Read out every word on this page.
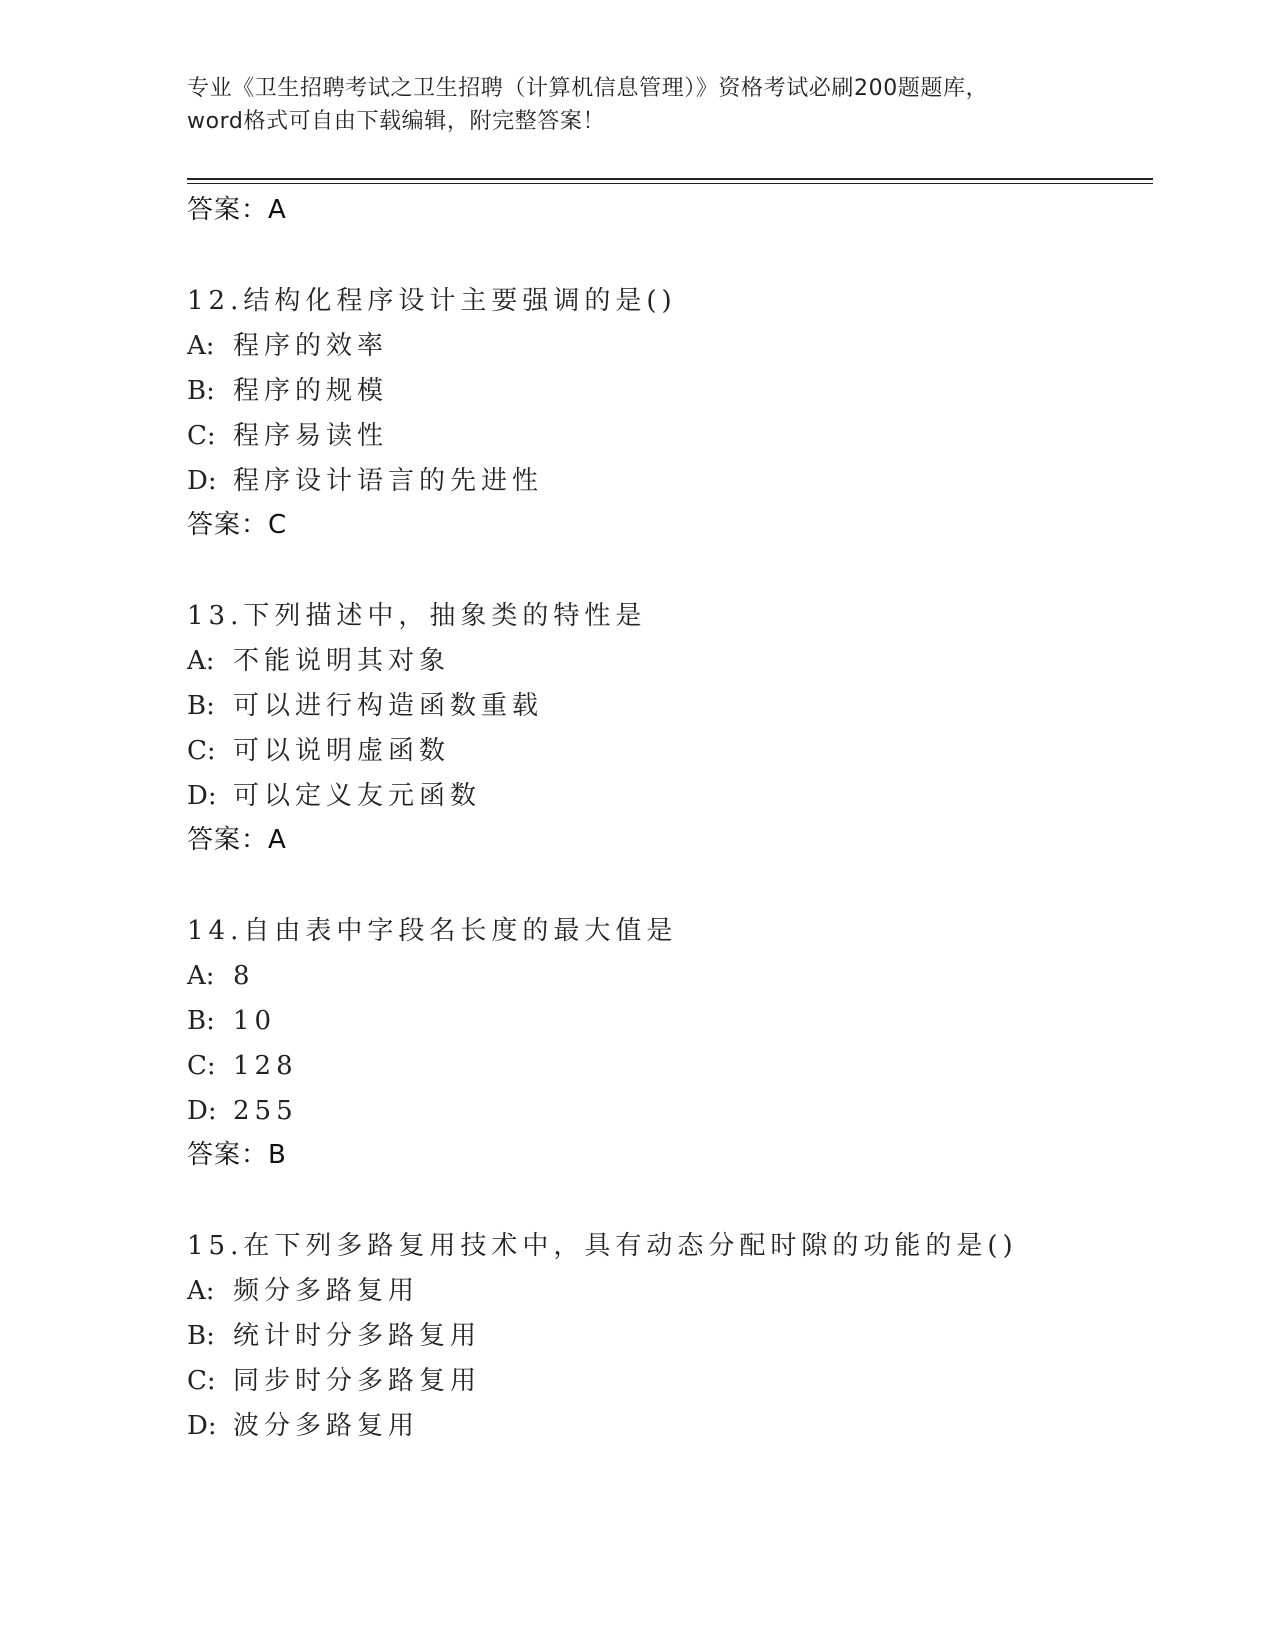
专业《卫生招聘考试之卫生招聘（计算机信息管理）》资格考试必刷200题题库，
word格式可自由下载编辑，附完整答案！
答案：A
12.结构化程序设计主要强调的是()
A: 程序的效率
B: 程序的规模
C: 程序易读性
D: 程序设计语言的先进性
答案：C
13.下列描述中，抽象类的特性是
A: 不能说明其对象
B: 可以进行构造函数重载
C: 可以说明虚函数
D: 可以定义友元函数
答案：A
14.自由表中字段名长度的最大值是
A: 8
B: 10
C: 128
D: 255
答案：B
15.在下列多路复用技术中，具有动态分配时隙的功能的是()
A: 频分多路复用
B: 统计时分多路复用
C: 同步时分多路复用
D: 波分多路复用
